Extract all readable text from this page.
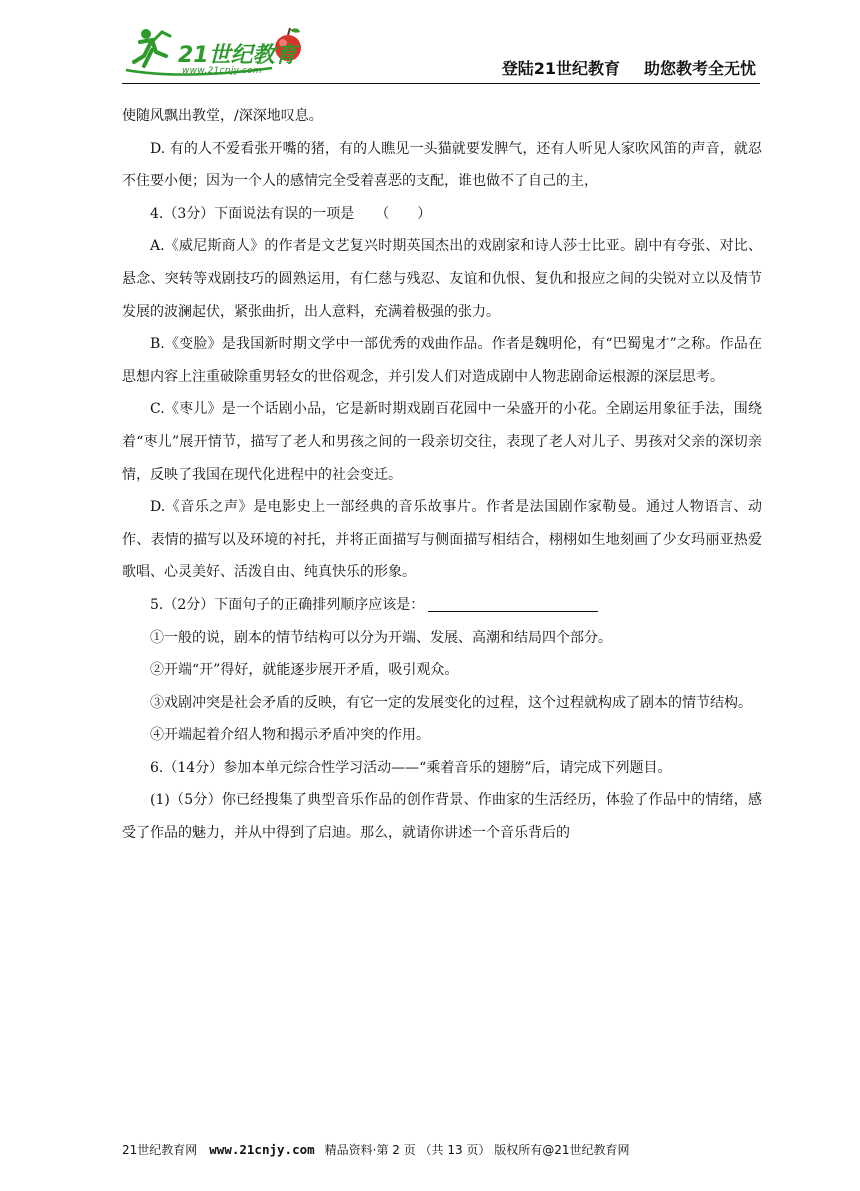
21世纪教育
www.21cnjy.com	登陆21世纪教育 助您教考全无忧

使随风飘出教堂，/深深地叹息。

D. 有的人不爱看张开嘴的猪，有的人瞧见一头猫就要发脾气，还有人听见人家吹风笛的声音，就忍不住要小便；因为一个人的感情完全受着喜恶的支配，谁也做不了自己的主，

4.（3分）下面说法有误的一项是　　（　　）

A.《威尼斯商人》的作者是文艺复兴时期英国杰出的戏剧家和诗人莎士比亚。剧中有夸张、对比、悬念、突转等戏剧技巧的圆熟运用，有仁慈与残忍、友谊和仇恨、复仇和报应之间的尖锐对立以及情节发展的波澜起伏，紧张曲折，出人意料，充满着极强的张力。

B.《变脸》是我国新时期文学中一部优秀的戏曲作品。作者是魏明伦，有“巴蜀鬼才”之称。作品在思想内容上注重破除重男轻女的世俗观念，并引发人们对造成剧中人物悲剧命运根源的深层思考。

C.《枣儿》是一个话剧小品，它是新时期戏剧百花园中一朵盛开的小花。全剧运用象征手法，围绕着“枣儿”展开情节，描写了老人和男孩之间的一段亲切交往，表现了老人对儿子、男孩对父亲的深切亲情，反映了我国在现代化进程中的社会变迁。

D.《音乐之声》是电影史上一部经典的音乐故事片。作者是法国剧作家勒曼。通过人物语言、动作、表情的描写以及环境的衬托，并将正面描写与侧面描写相结合，栩栩如生地刻画了少女玛丽亚热爱歌唱、心灵美好、活泼自由、纯真快乐的形象。

5.（2分）下面句子的正确排列顺序应该是：

①一般的说，剧本的情节结构可以分为开端、发展、高潮和结局四个部分。

②开端“开”得好，就能逐步展开矛盾，吸引观众。

③戏剧冲突是社会矛盾的反映，有它一定的发展变化的过程，这个过程就构成了剧本的情节结构。

④开端起着介绍人物和揭示矛盾冲突的作用。

6.（14分）参加本单元综合性学习活动——“乘着音乐的翅膀”后，请完成下列题目。

(1)（5分）你已经搜集了典型音乐作品的创作背景、作曲家的生活经历，体验了作品中的情绪，感受了作品的魅力，并从中得到了启迪。那么，就请你讲述一个音乐背后的

21世纪教育网 www.21cnjy.com 精品资料·第 2 页 （共 13 页） 版权所有@21世纪教育网
